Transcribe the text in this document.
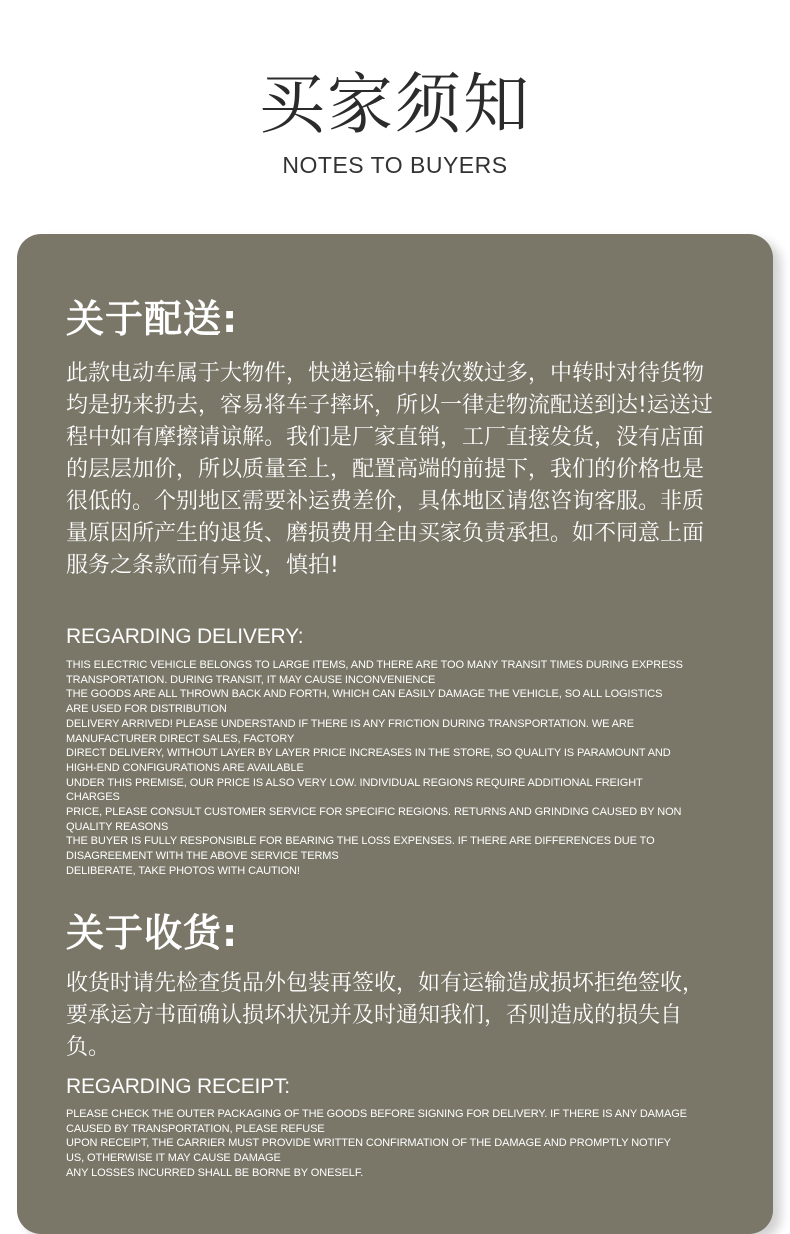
买家须知
NOTES TO BUYERS
关于配送:
此款电动车属于大物件，快递运输中转次数过多，中转时对待货物均是扔来扔去，容易将车子摔坏，所以一律走物流配送到达!运送过程中如有摩擦请谅解。我们是厂家直销，工厂直接发货，没有店面的层层加价，所以质量至上，配置高端的前提下，我们的价格也是很低的。个别地区需要补运费差价，具体地区请您咨询客服。非质量原因所产生的退货、磨损费用全由买家负责承担。如不同意上面服务之条款而有异议，慎拍!
REGARDING DELIVERY:
THIS ELECTRIC VEHICLE BELONGS TO LARGE ITEMS, AND THERE ARE TOO MANY TRANSIT TIMES DURING EXPRESS
TRANSPORTATION. DURING TRANSIT, IT MAY CAUSE INCONVENIENCE
THE GOODS ARE ALL THROWN BACK AND FORTH, WHICH CAN EASILY DAMAGE THE VEHICLE, SO ALL LOGISTICS
ARE USED FOR DISTRIBUTION
DELIVERY ARRIVED! PLEASE UNDERSTAND IF THERE IS ANY FRICTION DURING TRANSPORTATION. WE ARE
MANUFACTURER DIRECT SALES, FACTORY
DIRECT DELIVERY, WITHOUT LAYER BY LAYER PRICE INCREASES IN THE STORE, SO QUALITY IS PARAMOUNT AND
HIGH-END CONFIGURATIONS ARE AVAILABLE
UNDER THIS PREMISE, OUR PRICE IS ALSO VERY LOW. INDIVIDUAL REGIONS REQUIRE ADDITIONAL FREIGHT
CHARGES
PRICE, PLEASE CONSULT CUSTOMER SERVICE FOR SPECIFIC REGIONS. RETURNS AND GRINDING CAUSED BY NON
QUALITY REASONS
THE BUYER IS FULLY RESPONSIBLE FOR BEARING THE LOSS EXPENSES. IF THERE ARE DIFFERENCES DUE TO
DISAGREEMENT WITH THE ABOVE SERVICE TERMS
DELIBERATE, TAKE PHOTOS WITH CAUTION!
关于收货:
收货时请先检查货品外包装再签收，如有运输造成损坏拒绝签收，要承运方书面确认损坏状况并及时通知我们，否则造成的损失自负。
REGARDING RECEIPT:
PLEASE CHECK THE OUTER PACKAGING OF THE GOODS BEFORE SIGNING FOR DELIVERY. IF THERE IS ANY DAMAGE
CAUSED BY TRANSPORTATION, PLEASE REFUSE
UPON RECEIPT, THE CARRIER MUST PROVIDE WRITTEN CONFIRMATION OF THE DAMAGE AND PROMPTLY NOTIFY
US, OTHERWISE IT MAY CAUSE DAMAGE
ANY LOSSES INCURRED SHALL BE BORNE BY ONESELF.
